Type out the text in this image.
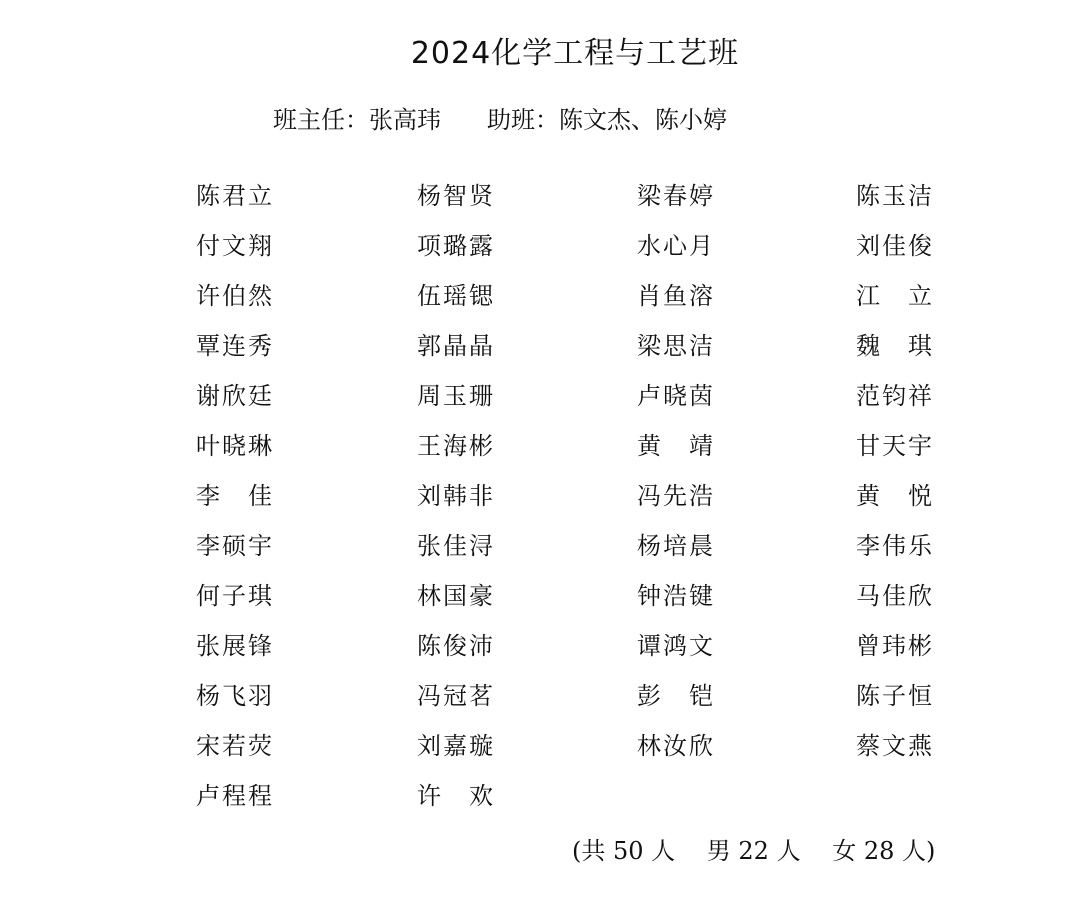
2024化学工程与工艺班
班主任：张高玮 助班：陈文杰、陈小婷
陈 君 立	杨 智 贤	梁 春 婷	陈 玉 洁
付 文 翔	项 璐 露	水 心 月	刘 佳 俊
许 伯 然	伍 瑶 锶	肖 鱼 溶	江 立
覃 连 秀	郭 晶 晶	梁 思 洁	魏 琪
谢 欣 廷	周 玉 珊	卢 晓 茵	范 钧 祥
叶 晓 琳	王 海 彬	黄 靖	甘 天 宇
李 佳	刘 韩 非	冯 先 浩	黄 悦
李 硕 宇	张 佳 浔	杨 培 晨	李 伟 乐
何 子 琪	林 国 豪	钟 浩 键	马 佳 欣
张 展 锋	陈 俊 沛	谭 鸿 文	曾 玮 彬
杨 飞 羽	冯 冠 茗	彭 铠	陈 子 恒
宋 若 荧	刘 嘉 璇	林 汝 欣	蔡 文 燕
卢 程 程	许 欢
(共 50 人　 男 22 人　 女 28 人)
